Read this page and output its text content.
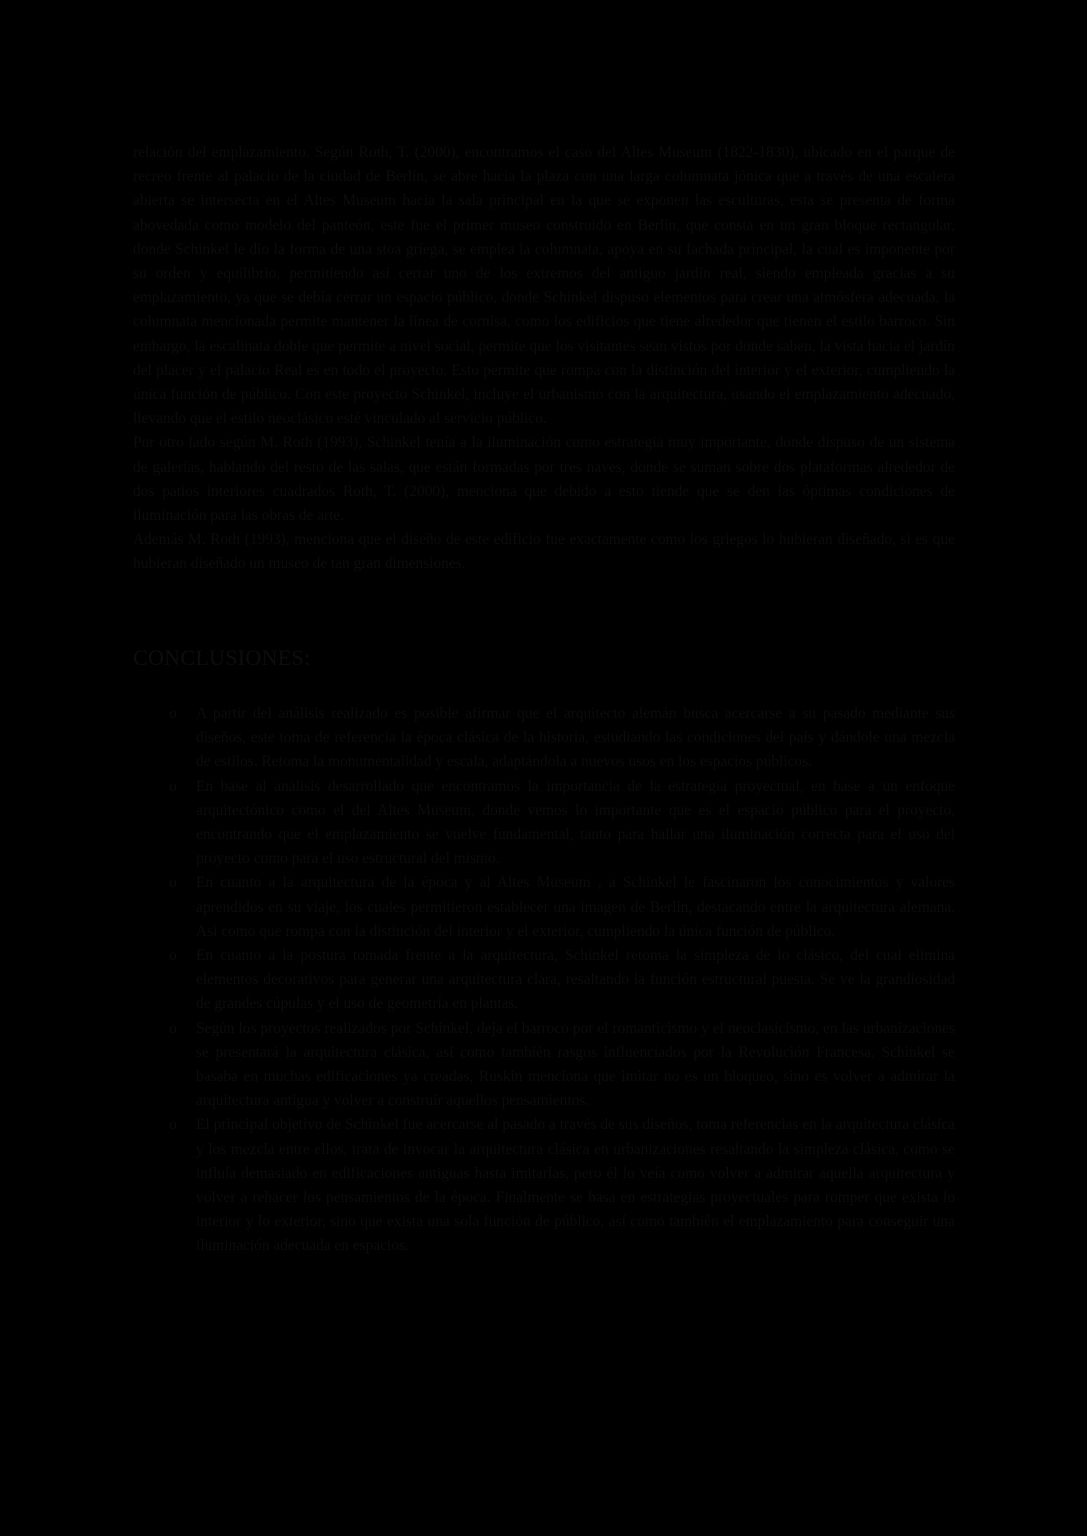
relación del emplazamiento. Según Roth, T. (2000), encontramos el caso del Altes Museum (1822-1830), ubicado en el parque de recreo frente al palacio de la ciudad de Berlín, se abre hacia la plaza con una larga columnata jónica que a través de una escalera abierta se intersecta en el Altes Museum hacia la sala principal en la que se exponen las esculturas, esta se presenta de forma abovedada como modelo del panteón, este fue el primer museo construido en Berlín, que consta en un gran bloque rectangular, donde Schinkel le dio la forma de una stoa griega, se emplea la columnata, apoya en su fachada principal, la cual es imponente por su orden y equilibrio, permitiendo así cerrar uno de los extremos del antiguo jardín real, siendo empleada gracias a su emplazamiento, ya que se debía cerrar un espacio público, donde Schinkel dispuso elementos para crear una atmósfera adecuada, la columnata mencionada permite mantener la línea de cornisa, como los edificios que tiene alrededor que tienen el estilo barroco. Sin embargo, la escalinata doble que permite a nivel social, permite que los visitantes sean vistos por donde saben, la vista hacia el jardín del placer y el palacio Real es en todo el proyecto. Esto permite que rompa con la distinción del interior y el exterior, cumpliendo la única función de público. Con este proyecto Schinkel, incluye el urbanismo con la arquitectura, usando el emplazamiento adecuado, llevando que el estilo neoclásico esté vinculado al servicio público.

Por otro lado según M. Roth (1993), Schinkel tenía a la iluminación como estrategia muy importante, donde dispuso de un sistema de galerías, hablando del resto de las salas, que están formadas por tres naves, donde se suman sobre dos plataformas alrededor de dos patios interiores cuadrados Roth, T. (2000), menciona que debido a esto tiende que se den las óptimas condiciones de iluminación para las obras de arte.

Además M. Roth (1993), menciona que el diseño de este edificio fue exactamente como los griegos lo hubieran diseñado, si es que hubieran diseñado un museo de tan gran dimensiones.

CONCLUSIONES:
o A partir del análisis realizado es posible afirmar que el arquitecto alemán busca acercarse a su pasado mediante sus diseños, este toma de referencia la época clásica de la historia, estudiando las condiciones del país y dándole una mezcla de estilos. Retoma la monumentalidad y escala, adaptándola a nuevos usos en los espacios públicos.
o En base al análisis desarrollado que encontramos la importancia de la estrategia proyectual, en base a un enfoque arquitectónico como el del Altes Museum, donde vemos lo importante que es el espacio público para el proyecto, encontrando que el emplazamiento se vuelve fundamental, tanto para hallar una iluminación correcta para el uso del proyecto como para el uso estructural del mismo.
o En cuanto a la arquitectura de la época y al Altes Museum , a Schinkel le fascinaron los conocimientos y valores aprendidos en su viaje, los cuales permitieron establecer una imagen de Berlín, destacando entre la arquitectura alemana. Así como que rompa con la distinción del interior y el exterior, cumpliendo la única función de público.
o En cuanto a la postura tomada frente a la arquitectura, Schinkel retoma la simpleza de lo clásico, del cual elimina elementos decorativos para generar una arquitectura clara, resaltando la función estructural puesta. Se ve la grandiosidad de grandes cúpulas y el uso de geometría en plantas.
o Según los proyectos realizados por Schinkel, deja el barroco por el romanticismo y el neoclasicismo, en las urbanizaciones se presentará la arquitectura clásica, así como también rasgos influenciados por la Revolución Francesa. Schinkel se basaba en muchas edificaciones ya creadas, Ruskin menciona que imitar no es un bloqueo, sino es volver a admirar la arquitectura antigua y volver a construir aquellos pensamientos.
o El principal objetivo de Schinkel fue acercarse al pasado a través de sus diseños, toma referencias en la arquitectura clásica y los mezcla entre ellos, trata de invocar la arquitectura clásica en urbanizaciones resaltando la simpleza clásica, como se influía demasiado en edificaciones antiguas hasta imitarlas, pero él lo veía como volver a admirar aquella arquitectura y volver a rehacer los pensamientos de la época. Finalmente se basa en estrategias proyectuales para romper que exista lo interior y lo exterior, sino que exista una sola función de público, así como también el emplazamiento para conseguir una iluminación adecuada en espacios.
